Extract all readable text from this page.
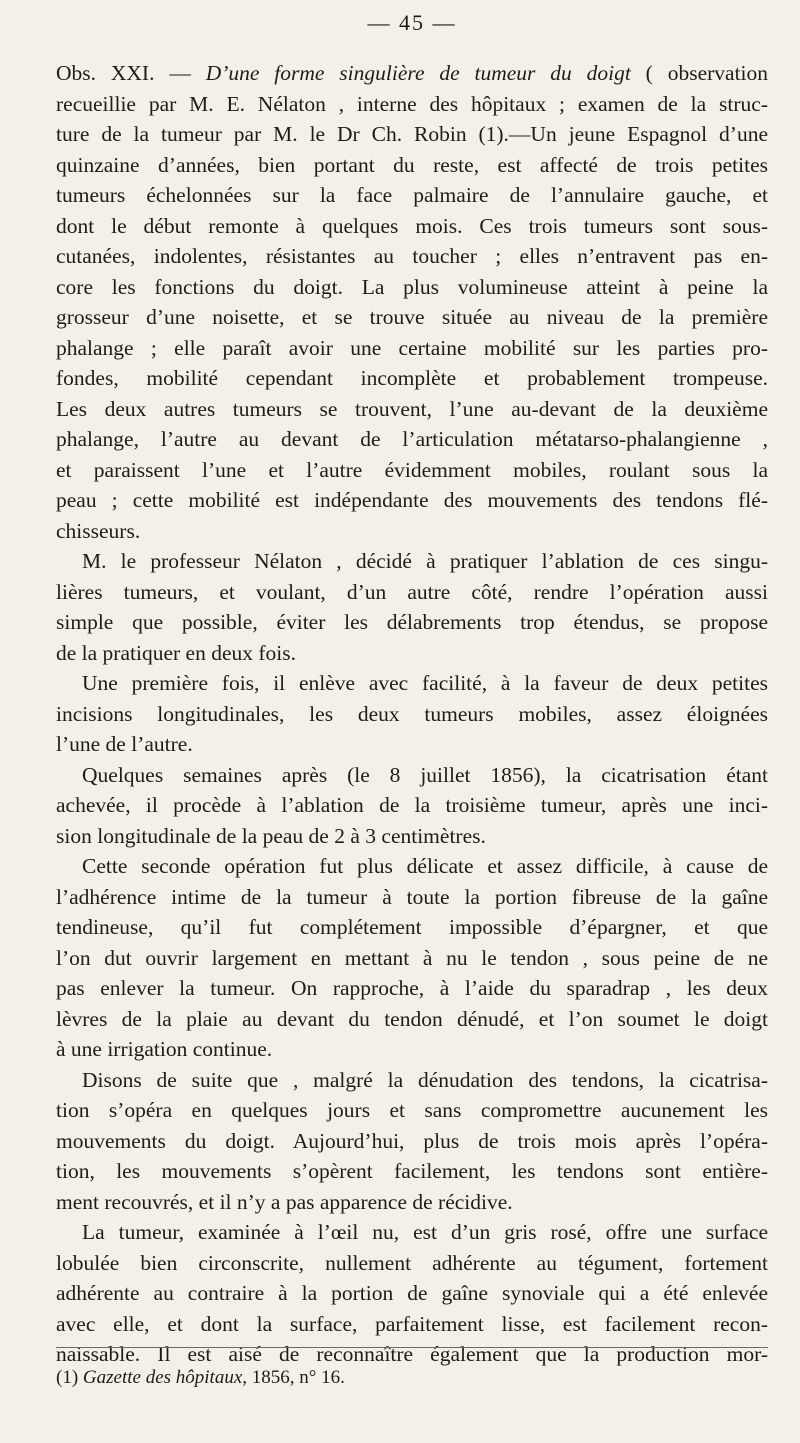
— 45 —
Obs. XXI. — D’une forme singulière de tumeur du doigt ( observation
recueillie par M. E. Nélaton , interne des hôpitaux ; examen de la struc-
ture de la tumeur par M. le Dr Ch. Robin (1).—Un jeune Espagnol d’une
quinzaine d’années, bien portant du reste, est affecté de trois petites
tumeurs échelonnées sur la face palmaire de l’annulaire gauche, et
dont le début remonte à quelques mois. Ces trois tumeurs sont sous-
cutanées, indolentes, résistantes au toucher ; elles n’entravent pas en-
core les fonctions du doigt. La plus volumineuse atteint à peine la
grosseur d’une noisette, et se trouve située au niveau de la première
phalange ; elle paraît avoir une certaine mobilité sur les parties pro-
fondes, mobilité cependant incomplète et probablement trompeuse.
Les deux autres tumeurs se trouvent, l’une au-devant de la deuxième
phalange, l’autre au devant de l’articulation métatarso-phalangienne ,
et paraissent l’une et l’autre évidemment mobiles, roulant sous la
peau ; cette mobilité est indépendante des mouvements des tendons flé-
chisseurs.
M. le professeur Nélaton , décidé à pratiquer l’ablation de ces singu-
lières tumeurs, et voulant, d’un autre côté, rendre l’opération aussi
simple que possible, éviter les délabrements trop étendus, se propose
de la pratiquer en deux fois.
Une première fois, il enlève avec facilité, à la faveur de deux petites
incisions longitudinales, les deux tumeurs mobiles, assez éloignées
l’une de l’autre.
Quelques semaines après (le 8 juillet 1856), la cicatrisation étant
achevée, il procède à l’ablation de la troisième tumeur, après une inci-
sion longitudinale de la peau de 2 à 3 centimètres.
Cette seconde opération fut plus délicate et assez difficile, à cause de
l’adhérence intime de la tumeur à toute la portion fibreuse de la gaîne
tendineuse, qu’il fut complétement impossible d’épargner, et que
l’on dut ouvrir largement en mettant à nu le tendon , sous peine de ne
pas enlever la tumeur. On rapproche, à l’aide du sparadrap , les deux
lèvres de la plaie au devant du tendon dénudé, et l’on soumet le doigt
à une irrigation continue.
Disons de suite que , malgré la dénudation des tendons, la cicatrisa-
tion s’opéra en quelques jours et sans compromettre aucunement les
mouvements du doigt. Aujourd’hui, plus de trois mois après l’opéra-
tion, les mouvements s’opèrent facilement, les tendons sont entière-
ment recouvrés, et il n’y a pas apparence de récidive.
La tumeur, examinée à l’œil nu, est d’un gris rosé, offre une surface
lobulée bien circonscrite, nullement adhérente au tégument, fortement
adhérente au contraire à la portion de gaîne synoviale qui a été enlevée
avec elle, et dont la surface, parfaitement lisse, est facilement recon-
naissable. Il est aisé de reconnaître également que la production mor-
(1) Gazette des hôpitaux, 1856, n° 16.
